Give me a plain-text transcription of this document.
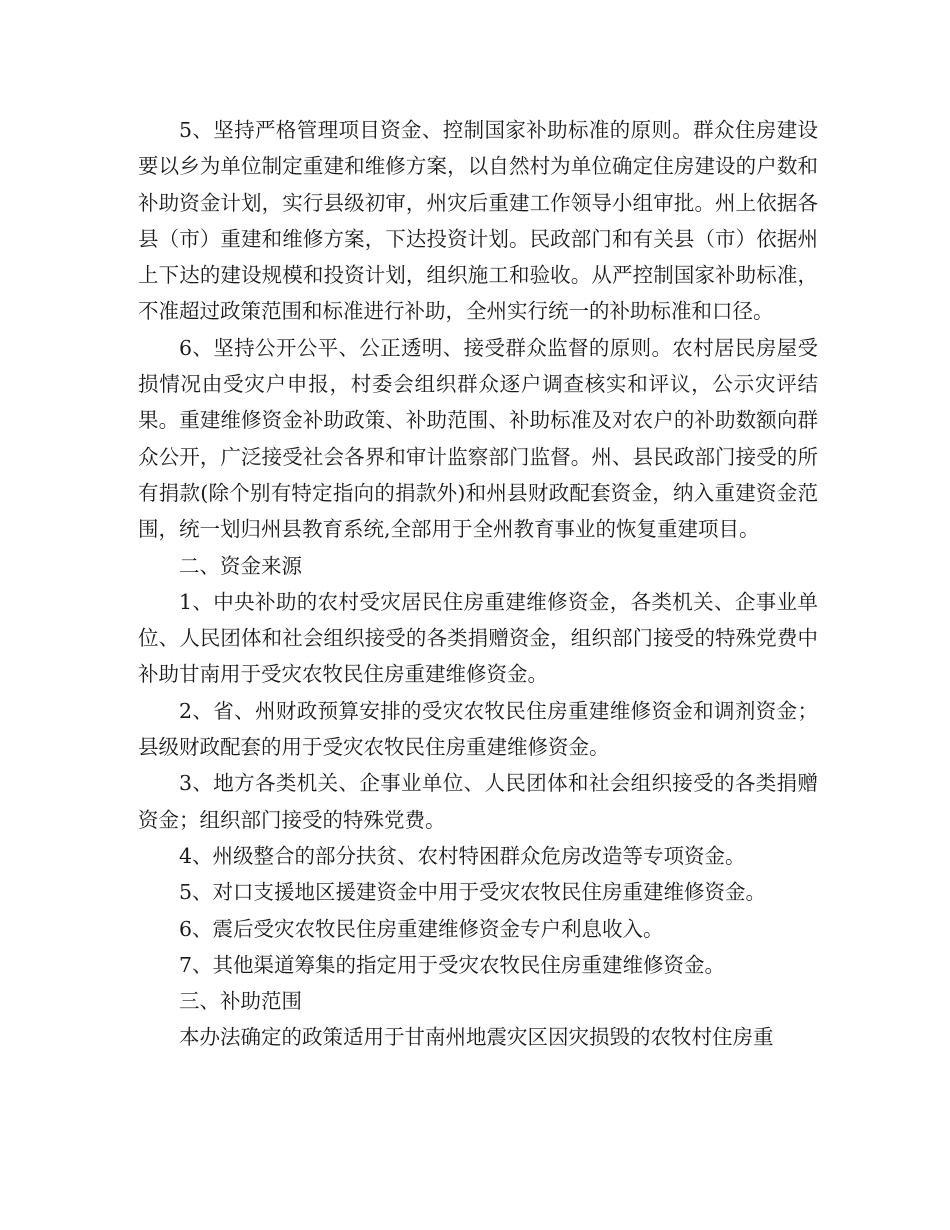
5、坚持严格管理项目资金、控制国家补助标准的原则。群众住房建设要以乡为单位制定重建和维修方案，以自然村为单位确定住房建设的户数和补助资金计划，实行县级初审，州灾后重建工作领导小组审批。州上依据各县（市）重建和维修方案，下达投资计划。民政部门和有关县（市）依据州上下达的建设规模和投资计划，组织施工和验收。从严控制国家补助标准，不准超过政策范围和标准进行补助，全州实行统一的补助标准和口径。

6、坚持公开公平、公正透明、接受群众监督的原则。农村居民房屋受损情况由受灾户申报，村委会组织群众逐户调查核实和评议，公示灾评结果。重建维修资金补助政策、补助范围、补助标准及对农户的补助数额向群众公开，广泛接受社会各界和审计监察部门监督。州、县民政部门接受的所有捐款(除个别有特定指向的捐款外)和州县财政配套资金，纳入重建资金范围，统一划归州县教育系统,全部用于全州教育事业的恢复重建项目。

二、资金来源

1、中央补助的农村受灾居民住房重建维修资金，各类机关、企事业单位、人民团体和社会组织接受的各类捐赠资金，组织部门接受的特殊党费中补助甘南用于受灾农牧民住房重建维修资金。

2、省、州财政预算安排的受灾农牧民住房重建维修资金和调剂资金；县级财政配套的用于受灾农牧民住房重建维修资金。

3、地方各类机关、企事业单位、人民团体和社会组织接受的各类捐赠资金；组织部门接受的特殊党费。

4、州级整合的部分扶贫、农村特困群众危房改造等专项资金。

5、对口支援地区援建资金中用于受灾农牧民住房重建维修资金。

6、震后受灾农牧民住房重建维修资金专户利息收入。

7、其他渠道筹集的指定用于受灾农牧民住房重建维修资金。

三、补助范围

本办法确定的政策适用于甘南州地震灾区因灾损毁的农牧村住房重
